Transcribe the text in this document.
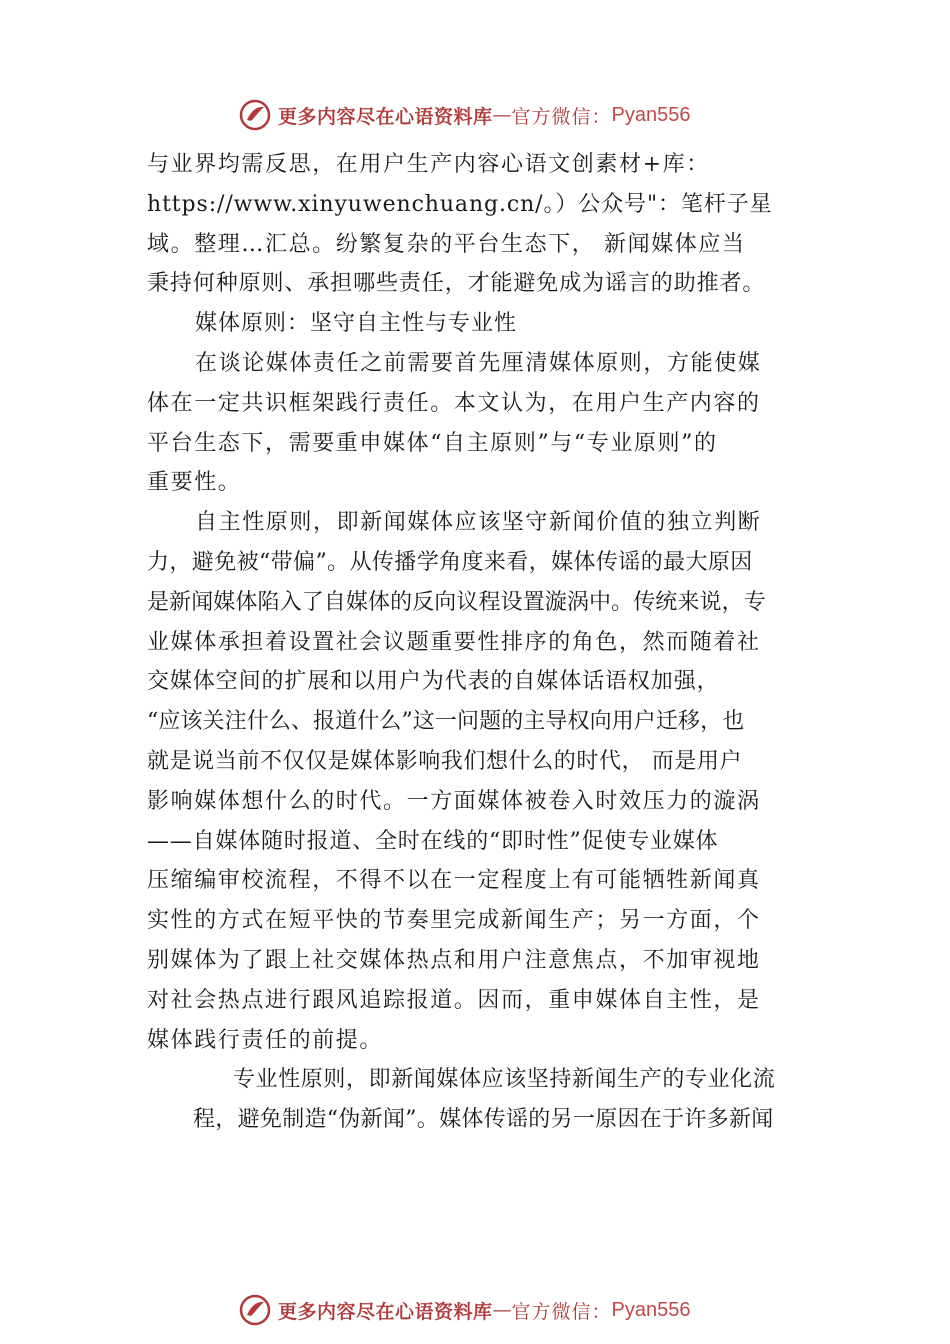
更多内容尽在心语资料库 — 官方微信： Pyan556
与业界均需反思，在用户生产内容心语文创素材+库：
https://www.xinyuwenchuang.cn/。）公众号"：笔杆子星
域。整理…汇总。纷繁复杂的平台生态下， 新闻媒体应当
秉持何种原则、承担哪些责任，才能避免成为谣言的助推者。
媒体原则：坚守自主性与专业性
在谈论媒体责任之前需要首先厘清媒体原则，方能使媒
体在一定共识框架践行责任。本文认为，在用户生产内容的
平台生态下，需要重申媒体“自主原则”与“专业原则”的
重要性。
自主性原则，即新闻媒体应该坚守新闻价值的独立判断
力，避免被“带偏”。从传播学角度来看，媒体传谣的最大原因
是新闻媒体陷入了自媒体的反向议程设置漩涡中。传统来说，专
业媒体承担着设置社会议题重要性排序的角色，然而随着社
交媒体空间的扩展和以用户为代表的自媒体话语权加强，
“应该关注什么、报道什么”这一问题的主导权向用户迁移，也
就是说当前不仅仅是媒体影响我们想什么的时代， 而是用户
影响媒体想什么的时代。一方面媒体被卷入时效压力的漩涡
——自媒体随时报道、全时在线的“即时性”促使专业媒体
压缩编审校流程，不得不以在一定程度上有可能牺牲新闻真
实性的方式在短平快的节奏里完成新闻生产；另一方面，个
别媒体为了跟上社交媒体热点和用户注意焦点，不加审视地
对社会热点进行跟风追踪报道。因而，重申媒体自主性，是
媒体践行责任的前提。
专业性原则，即新闻媒体应该坚持新闻生产的专业化流
程，避免制造“伪新闻”。媒体传谣的另一原因在于许多新闻
更多内容尽在心语资料库 — 官方微信： Pyan556
